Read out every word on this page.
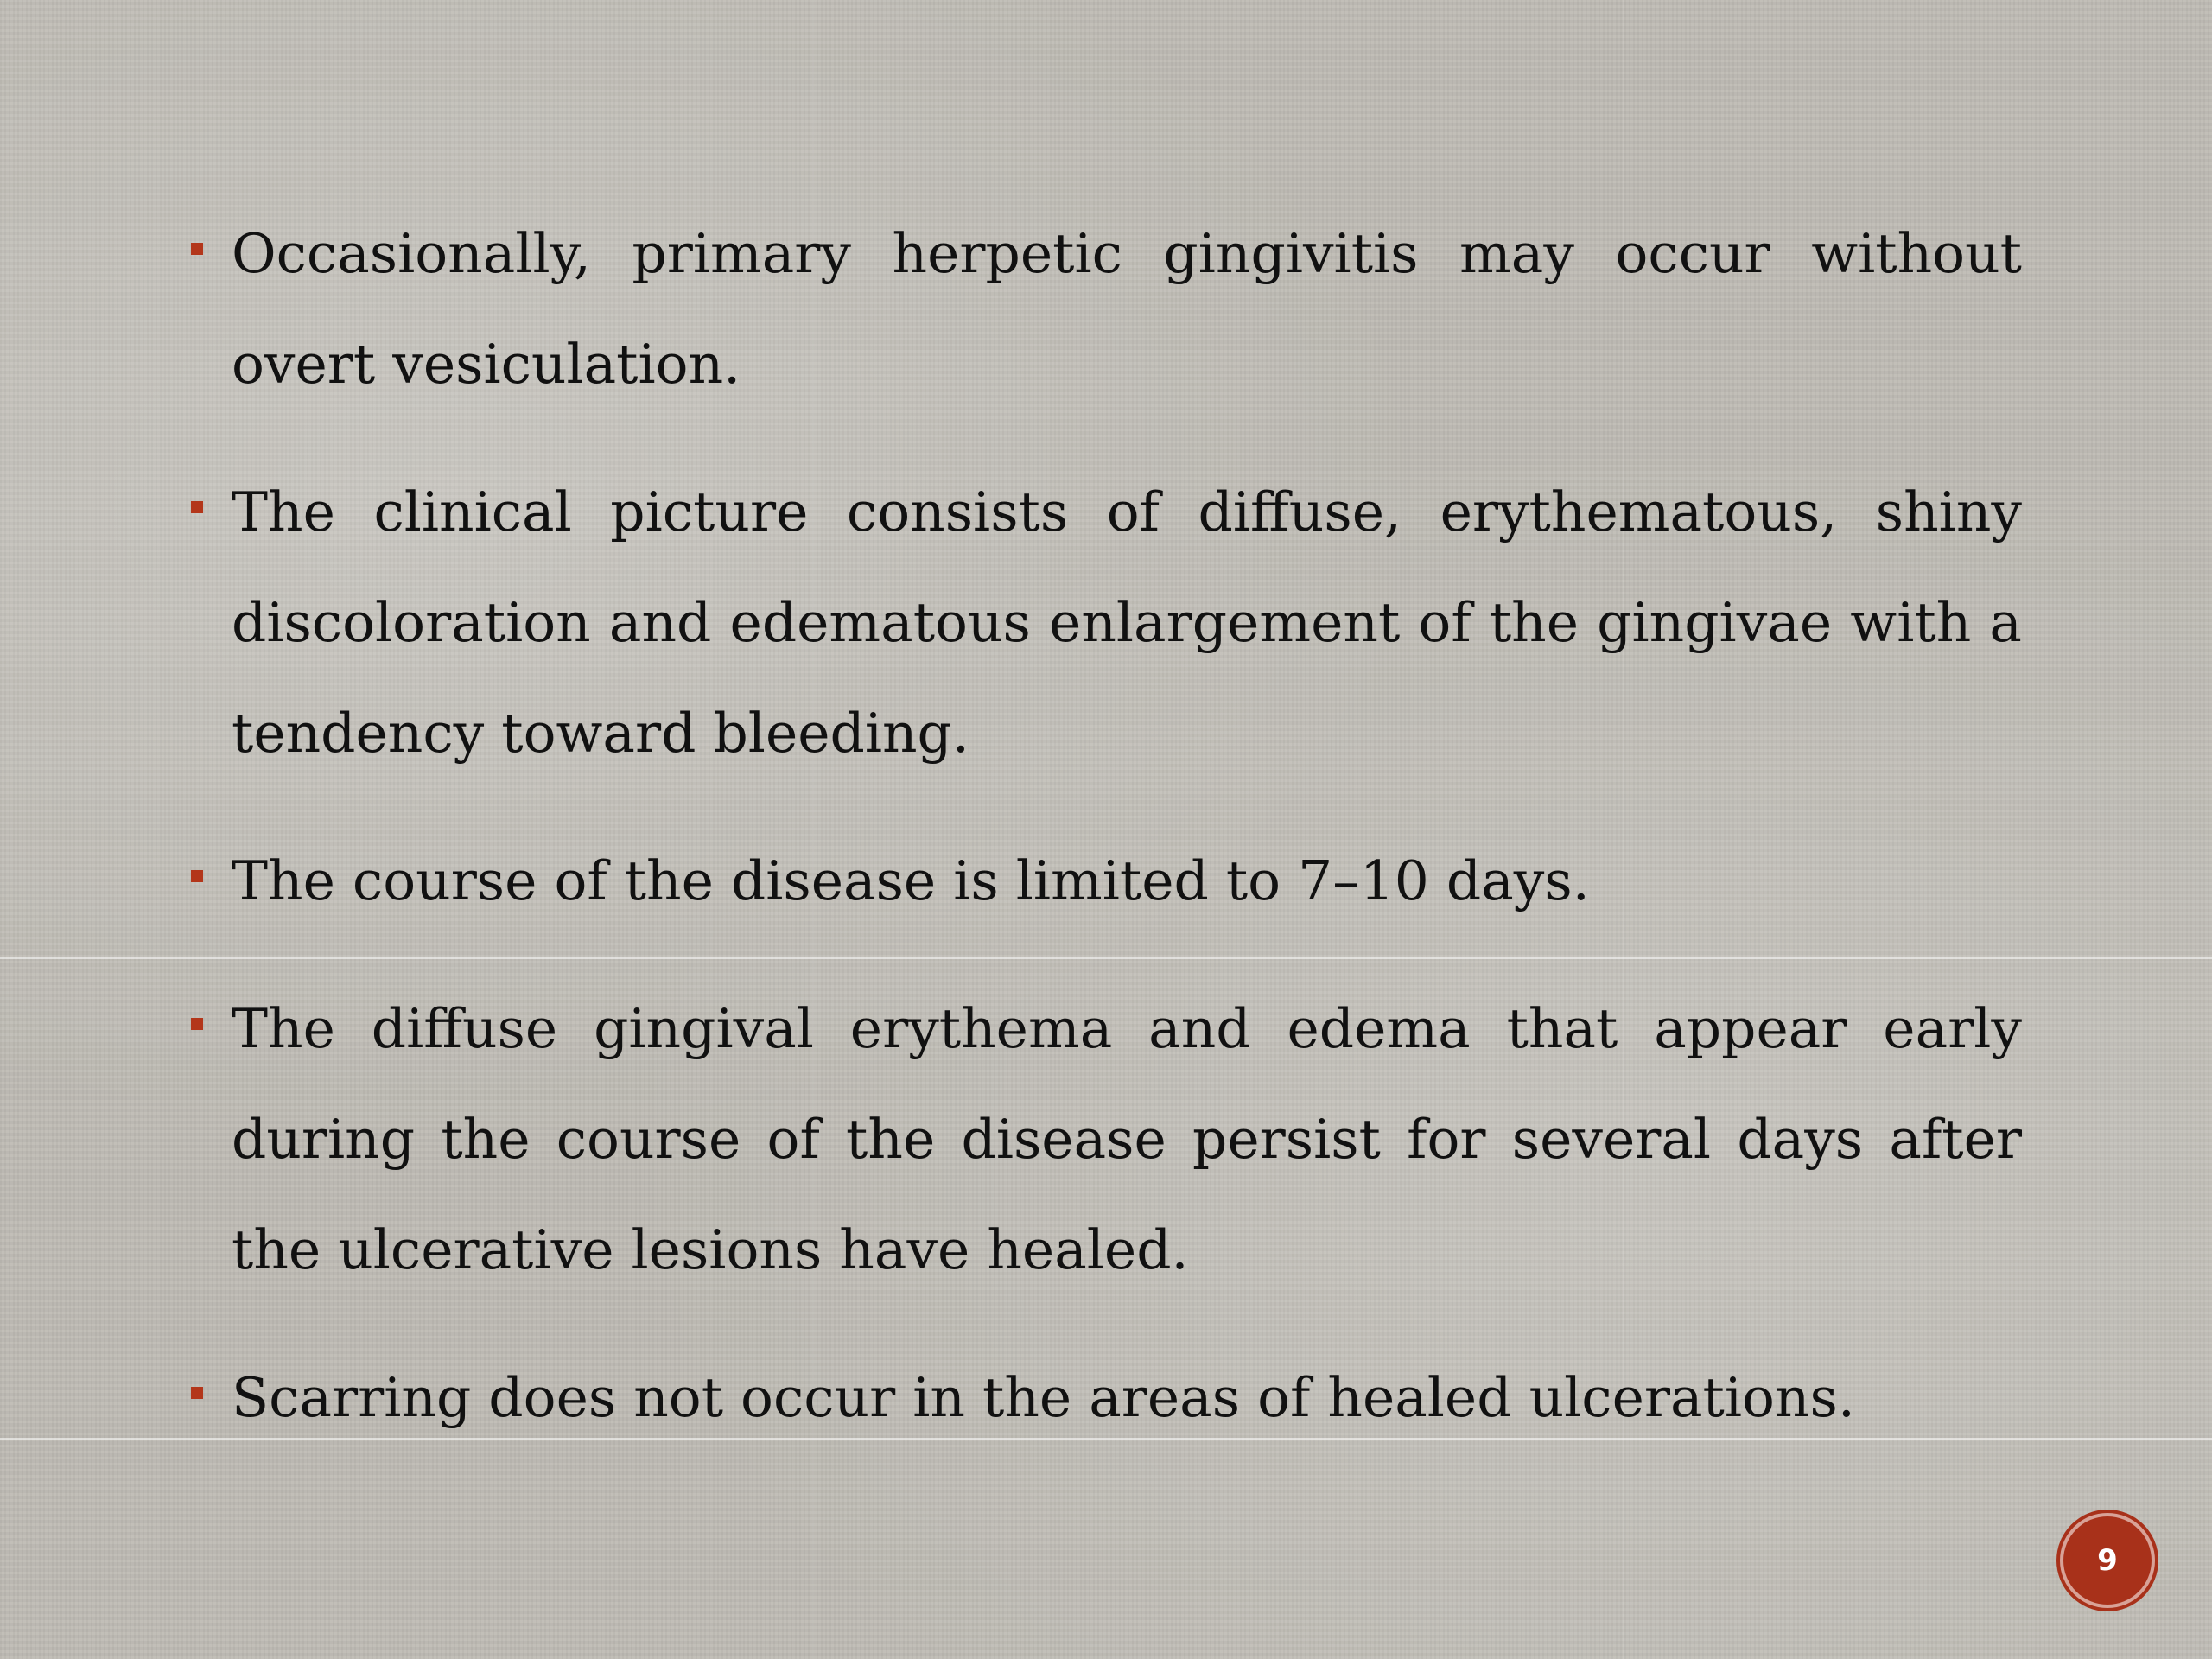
Occasionally, primary herpetic gingivitis may occur without overt vesiculation.
The clinical picture consists of diffuse, erythematous, shiny discoloration and edematous enlargement of the gingivae with a tendency toward bleeding.
The course of the disease is limited to 7–10 days.
The diffuse gingival erythema and edema that appear early during the course of the disease persist for several days after the ulcerative lesions have healed.
Scarring does not occur in the areas of healed ulcerations.
9
